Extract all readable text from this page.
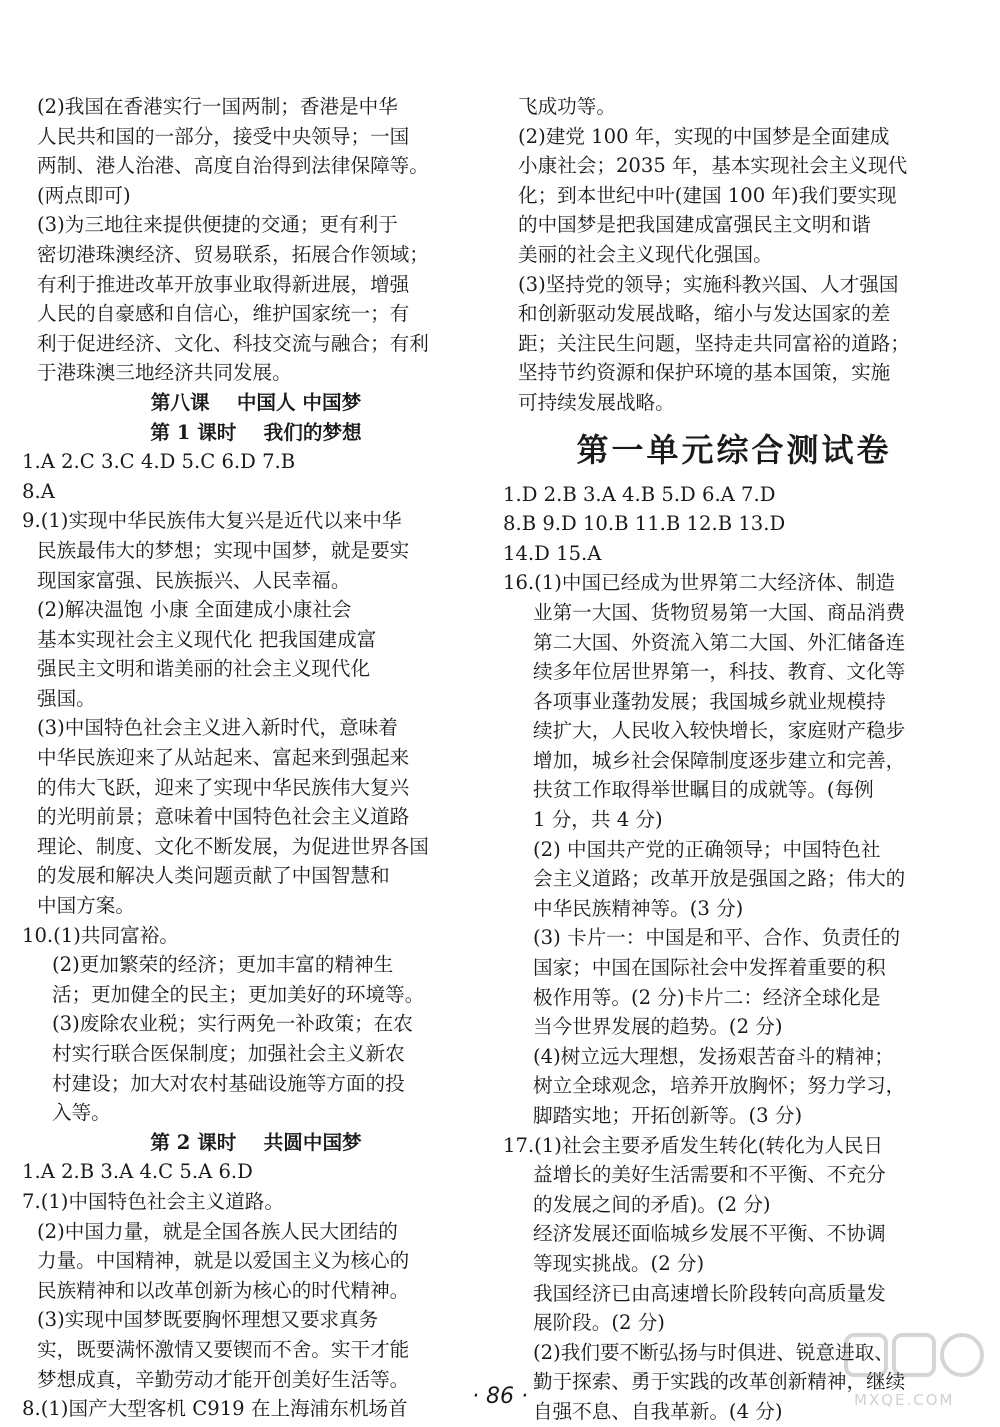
(2)我国在香港实行一国两制；香港是中华
人民共和国的一部分，接受中央领导；一国
两制、港人治港、高度自治得到法律保障等。
(两点即可)
(3)为三地往来提供便捷的交通；更有利于
密切港珠澳经济、贸易联系，拓展合作领域；
有利于推进改革开放事业取得新进展，增强
人民的自豪感和自信心，维护国家统一；有
利于促进经济、文化、科技交流与融合；有利
于港珠澳三地经济共同发展。
第八课    中国人 中国梦
第 1 课时    我们的梦想
1.A 2.C 3.C 4.D 5.C 6.D 7.B
8.A
9.(1)实现中华民族伟大复兴是近代以来中华
民族最伟大的梦想；实现中国梦，就是要实
现国家富强、民族振兴、人民幸福。
(2)解决温饱 小康 全面建成小康社会
基本实现社会主义现代化 把我国建成富
强民主文明和谐美丽的社会主义现代化
强国。
(3)中国特色社会主义进入新时代，意味着
中华民族迎来了从站起来、富起来到强起来
的伟大飞跃，迎来了实现中华民族伟大复兴
的光明前景；意味着中国特色社会主义道路
理论、制度、文化不断发展，为促进世界各国
的发展和解决人类问题贡献了中国智慧和
中国方案。
10.(1)共同富裕。
(2)更加繁荣的经济；更加丰富的精神生
活；更加健全的民主；更加美好的环境等。
(3)废除农业税；实行两免一补政策；在农
村实行联合医保制度；加强社会主义新农
村建设；加大对农村基础设施等方面的投
入等。
第 2 课时    共圆中国梦
1.A 2.B 3.A 4.C 5.A 6.D
7.(1)中国特色社会主义道路。
(2)中国力量，就是全国各族人民大团结的
力量。中国精神，就是以爱国主义为核心的
民族精神和以改革创新为核心的时代精神。
(3)实现中国梦既要胸怀理想又要求真务
实，既要满怀激情又要锲而不舍。实干才能
梦想成真，辛勤劳动才能开创美好生活等。
8.(1)国产大型客机 C919 在上海浦东机场首
飞成功等。
(2)建党 100 年，实现的中国梦是全面建成
小康社会；2035 年，基本实现社会主义现代
化；到本世纪中叶(建国 100 年)我们要实现
的中国梦是把我国建成富强民主文明和谐
美丽的社会主义现代化强国。
(3)坚持党的领导；实施科教兴国、人才强国
和创新驱动发展战略，缩小与发达国家的差
距；关注民生问题，坚持走共同富裕的道路；
坚持节约资源和保护环境的基本国策，实施
可持续发展战略。
第一单元综合测试卷
1.D 2.B 3.A 4.B 5.D 6.A 7.D
8.B 9.D 10.B 11.B 12.B 13.D
14.D 15.A
16.(1)中国已经成为世界第二大经济体、制造
业第一大国、货物贸易第一大国、商品消费
第二大国、外资流入第二大国、外汇储备连
续多年位居世界第一，科技、教育、文化等
各项事业蓬勃发展；我国城乡就业规模持
续扩大，人民收入较快增长，家庭财产稳步
增加，城乡社会保障制度逐步建立和完善，
扶贫工作取得举世瞩目的成就等。(每例
1 分，共 4 分)
(2) 中国共产党的正确领导；中国特色社
会主义道路；改革开放是强国之路；伟大的
中华民族精神等。(3 分)
(3) 卡片一：中国是和平、合作、负责任的
国家；中国在国际社会中发挥着重要的积
极作用等。(2 分)卡片二：经济全球化是
当今世界发展的趋势。(2 分)
(4)树立远大理想，发扬艰苦奋斗的精神；
树立全球观念，培养开放胸怀；努力学习，
脚踏实地；开拓创新等。(3 分)
17.(1)社会主要矛盾发生转化(转化为人民日
益增长的美好生活需要和不平衡、不充分
的发展之间的矛盾)。(2 分)
经济发展还面临城乡发展不平衡、不协调
等现实挑战。(2 分)
我国经济已由高速增长阶段转向高质量发
展阶段。(2 分)
(2)我们要不断弘扬与时俱进、锐意进取、
勤于探索、勇于实践的改革创新精神，继续
自强不息、自我革新。(4 分)
· 86 ·	MXQE.COM
